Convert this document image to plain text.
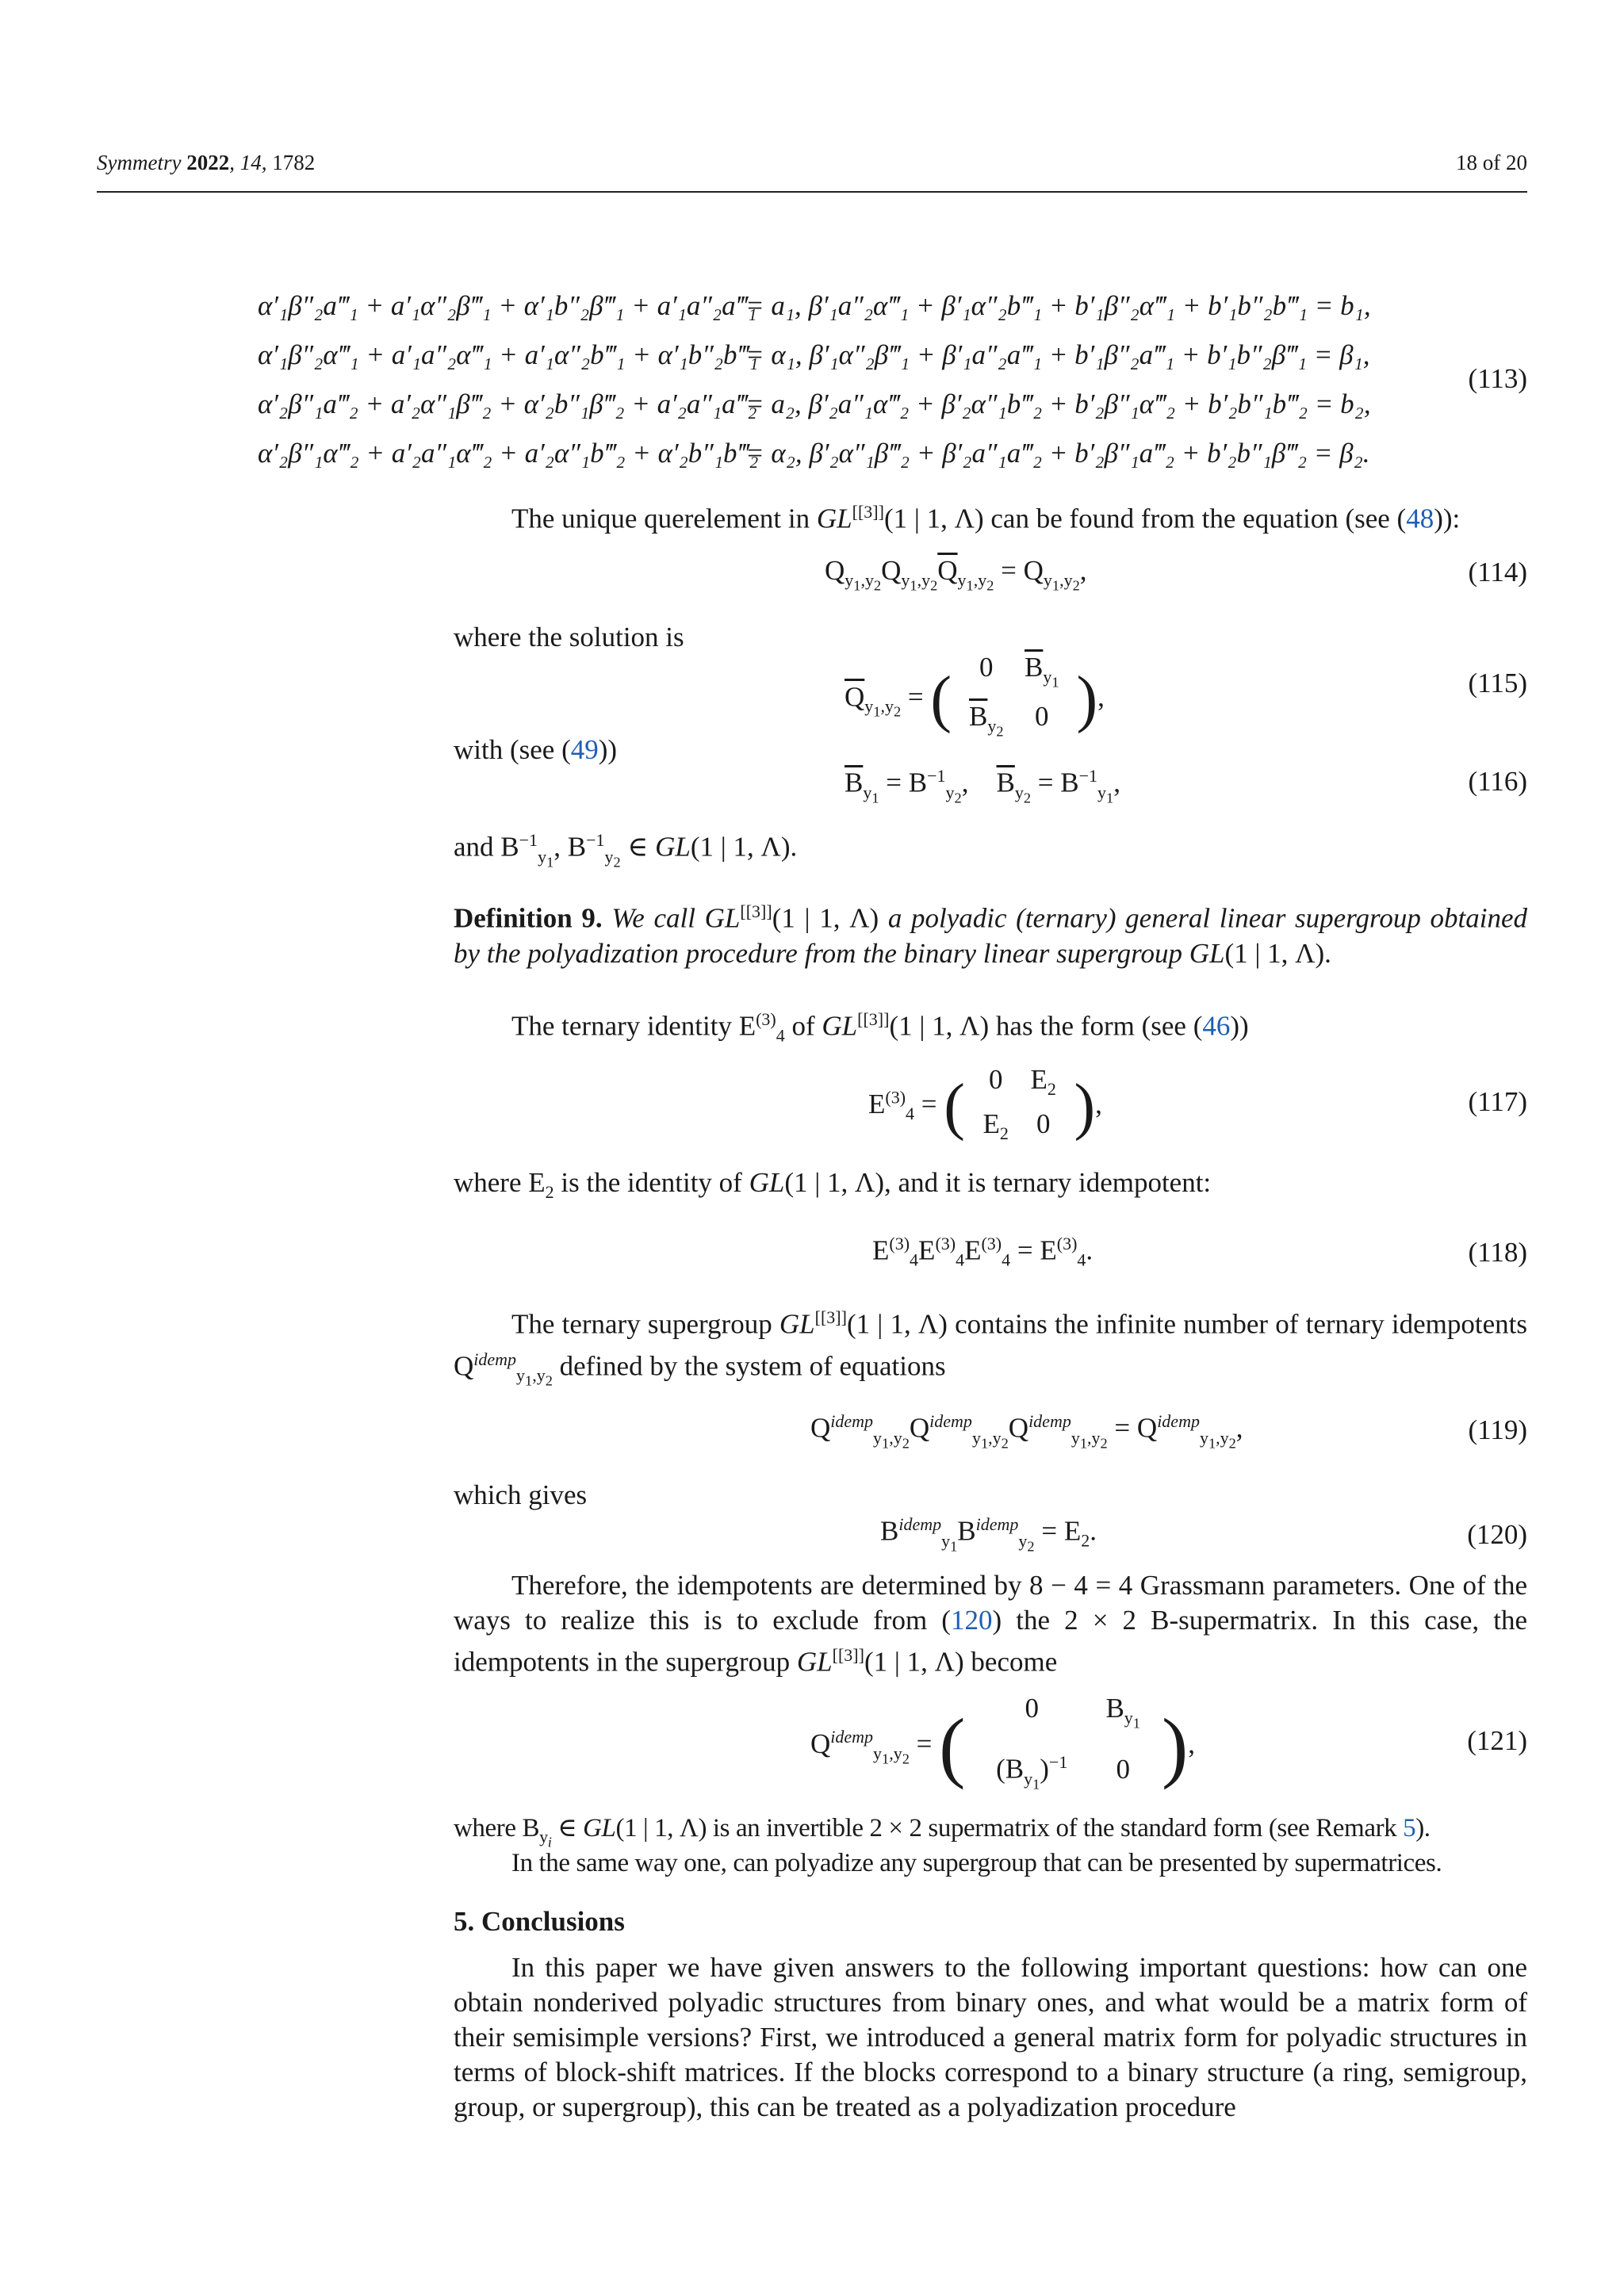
Symmetry 2022, 14, 1782	18 of 20
α′₁β″₂a‴₁ + a′₁α″₂β‴₁ + α′₁b″₂β‴₁ + a′₁a″₂a‴₁
= a₁, β′₁a″₂α‴₁ + β′₁α″₂b‴₁ + b′₁β″₂α‴₁ + b′₁b″₂b‴₁ = b₁,
α′₁β″₂α‴₁ + a′₁a″₂α‴₁ + a′₁α″₂b‴₁ + α′₁b″₂b‴₁
= α₁, β′₁α″₂β‴₁ + β′₁a″₂a‴₁ + b′₁β″₂a‴₁ + b′₁b″₂β‴₁ = β₁,
α′₂β″₁a‴₂ + a′₂α″₁β‴₂ + α′₂b″₁β‴₂ + a′₂a″₁a‴₂
= a₂, β′₂a″₁α‴₂ + β′₂α″₁b‴₂ + b′₂β″₁α‴₂ + b′₂b″₁b‴₂ = b₂,
α′₂β″₁α‴₂ + a′₂a″₁α‴₂ + a′₂α″₁b‴₂ + α′₂b″₁b‴₂
= α₂, β′₂α″₁β‴₂ + β′₂a″₁a‴₂ + b′₂β″₁a‴₂ + b′₂b″₁β‴₂ = β₂.
(113)
The unique querelement in GL[[3]](1 | 1, Λ) can be found from the equation (see (48)):
$Q_{y_1,y_2}Q_{y_1,y_2}\overline{Q}_{y_1,y_2} = Q_{y_1,y_2}$,	(114)
where the solution is
$\overline{Q}_{y_1,y_2}$ = ( 0 $\overline{B}_{y_1}$
$\overline{B}_{y_2}$ 0 ),	(115)
with (see (49))
$\overline{B}_{y_1} = B^{-1}_{y_2}$,    $\overline{B}_{y_2} = B^{-1}_{y_1}$,	(116)
and $B^{-1}_{y_1}$, $B^{-1}_{y_2}$ ∈ GL(1 | 1, Λ).
Definition 9. We call GL[[3]](1 | 1, Λ) a polyadic (ternary) general linear supergroup obtained by the polyadization procedure from the binary linear supergroup GL(1 | 1, Λ).
The ternary identity $E^{(3)}_4$ of GL[[3]](1 | 1, Λ) has the form (see (46))
$E^{(3)}_4$ = ( 0 $E_2$
$E_2$ 0 ),	(117)
where $E_2$ is the identity of GL(1 | 1, Λ), and it is ternary idempotent:
$E^{(3)}_4E^{(3)}_4E^{(3)}_4 = E^{(3)}_4$.	(118)
The ternary supergroup GL[[3]](1 | 1, Λ) contains the infinite number of ternary idempotents $Q^{idemp}_{y_1,y_2}$ defined by the system of equations
$Q^{idemp}_{y_1,y_2}Q^{idemp}_{y_1,y_2}Q^{idemp}_{y_1,y_2} = Q^{idemp}_{y_1,y_2}$,	(119)
which gives
$B^{idemp}_{y_1}B^{idemp}_{y_2} = E_2$.	(120)
Therefore, the idempotents are determined by 8 − 4 = 4 Grassmann parameters. One of the ways to realize this is to exclude from (120) the 2 × 2 B-supermatrix. In this case, the idempotents in the supergroup GL[[3]](1 | 1, Λ) become
$Q^{idemp}_{y_1,y_2}$ = ( 0 $B_{y_1}$
$(B_{y_1})^{-1}$ 0 ),	(121)
where $B_{y_i}$ ∈ GL(1 | 1, Λ) is an invertible 2 × 2 supermatrix of the standard form (see Remark 5).
In the same way one, can polyadize any supergroup that can be presented by supermatrices.
5. Conclusions
In this paper we have given answers to the following important questions: how can one obtain nonderived polyadic structures from binary ones, and what would be a matrix form of their semisimple versions? First, we introduced a general matrix form for polyadic structures in terms of block-shift matrices. If the blocks correspond to a binary structure (a ring, semigroup, group, or supergroup), this can be treated as a polyadization procedure
